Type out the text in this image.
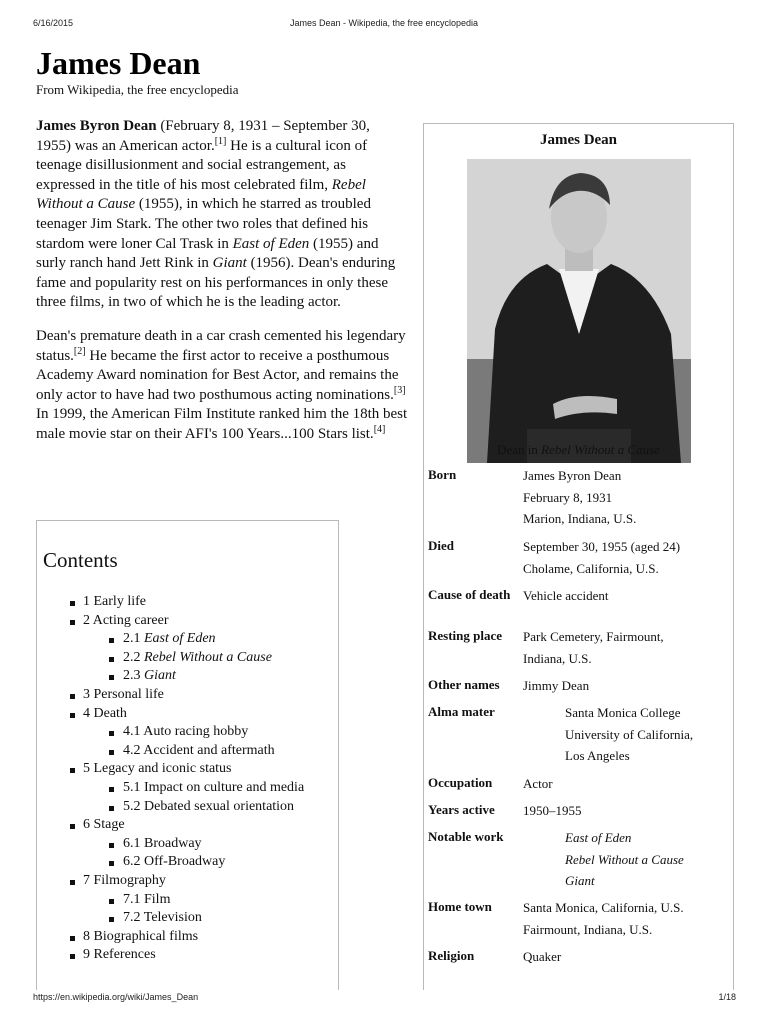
6/16/2015	James Dean - Wikipedia, the free encyclopedia
James Dean
From Wikipedia, the free encyclopedia

James Byron Dean (February 8, 1931 – September 30, 1955) was an American actor.[1] He is a cultural icon of teenage disillusionment and social estrangement, as expressed in the title of his most celebrated film, Rebel Without a Cause (1955), in which he starred as troubled teenager Jim Stark. The other two roles that defined his stardom were loner Cal Trask in East of Eden (1955) and surly ranch hand Jett Rink in Giant (1956). Dean's enduring fame and popularity rest on his performances in only these three films, in two of which he is the leading actor.

Dean's premature death in a car crash cemented his legendary status.[2] He became the first actor to receive a posthumous Academy Award nomination for Best Actor, and remains the only actor to have had two posthumous acting nominations.[3] In 1999, the American Film Institute ranked him the 18th best male movie star on their AFI's 100 Years...100 Stars list.[4]

Contents
1 Early life
2 Acting career
2.1 East of Eden
2.2 Rebel Without a Cause
2.3 Giant
3 Personal life
4 Death
4.1 Auto racing hobby
4.2 Accident and aftermath
5 Legacy and iconic status
5.1 Impact on culture and media
5.2 Debated sexual orientation
6 Stage
6.1 Broadway
6.2 Off-Broadway
7 Filmography
7.1 Film
7.2 Television
8 Biographical films
9 References
James Dean
Dean in Rebel Without a Cause
Born	James Byron Dean
February 8, 1931
Marion, Indiana, U.S.
Died	September 30, 1955 (aged 24)
Cholame, California, U.S.
Cause of death Vehicle accident
Resting place	Park Cemetery, Fairmount,
Indiana, U.S.
Other names	Jimmy Dean
Alma mater	Santa Monica College
University of California,
Los Angeles
Occupation	Actor
Years active	1950–1955
Notable work	East of Eden
Rebel Without a Cause
Giant
Home town	Santa Monica, California, U.S.
Fairmount, Indiana, U.S.
Religion	Quaker
https://en.wikipedia.org/wiki/James_Dean	1/18
